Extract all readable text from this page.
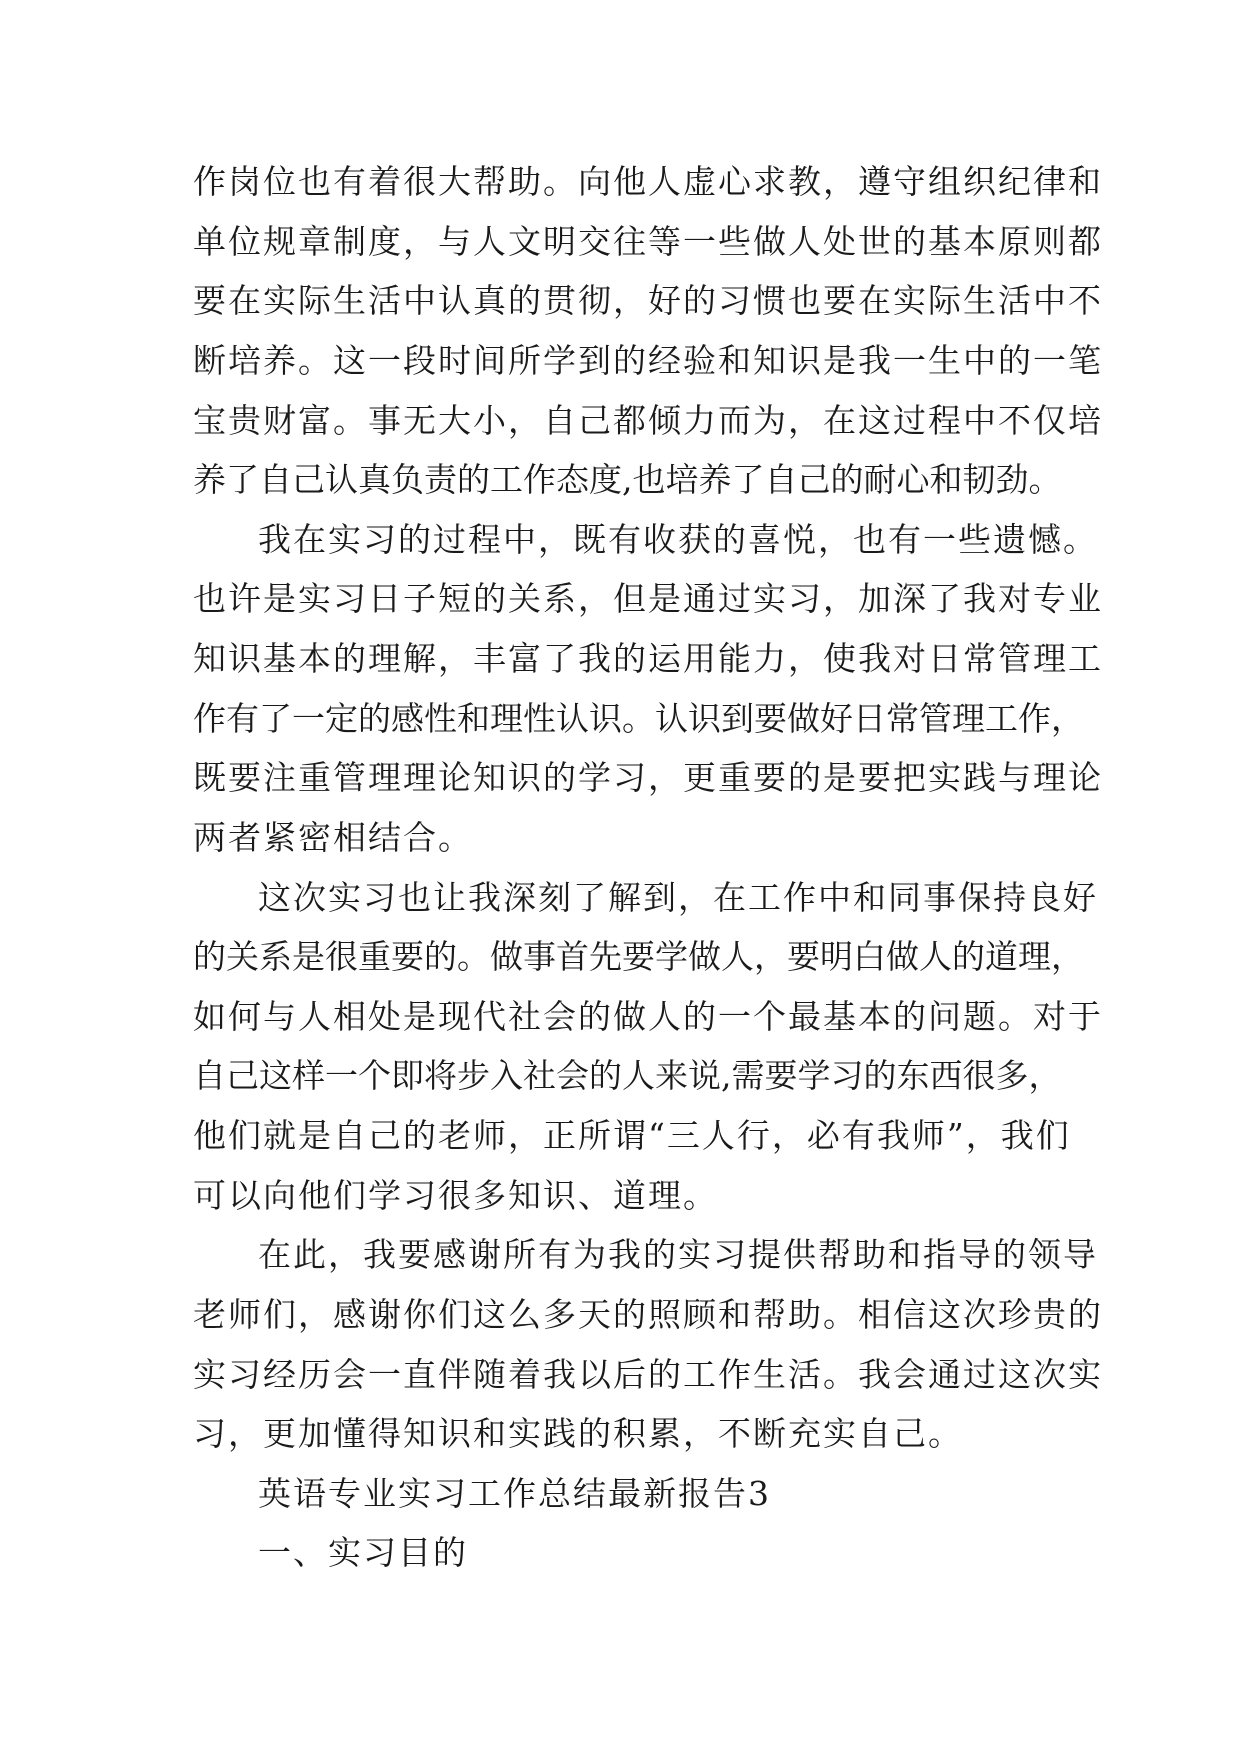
作岗位也有着很大帮助。向他人虚心求教，遵守组织纪律和
单位规章制度，与人文明交往等一些做人处世的基本原则都
要在实际生活中认真的贯彻，好的习惯也要在实际生活中不
断培养。这一段时间所学到的经验和知识是我一生中的一笔
宝贵财富。事无大小，自己都倾力而为，在这过程中不仅培
养了自己认真负责的工作态度,也培养了自己的耐心和韧劲。
我在实习的过程中，既有收获的喜悦，也有一些遗憾。
也许是实习日子短的关系，但是通过实习，加深了我对专业
知识基本的理解，丰富了我的运用能力，使我对日常管理工
作有了一定的感性和理性认识。认识到要做好日常管理工作，
既要注重管理理论知识的学习，更重要的是要把实践与理论
两者紧密相结合。
这次实习也让我深刻了解到，在工作中和同事保持良好
的关系是很重要的。做事首先要学做人，要明白做人的道理，
如何与人相处是现代社会的做人的一个最基本的问题。对于
自己这样一个即将步入社会的人来说,需要学习的东西很多，
他们就是自己的老师，正所谓“三人行，必有我师”，我们
可以向他们学习很多知识、道理。
在此，我要感谢所有为我的实习提供帮助和指导的领导
老师们，感谢你们这么多天的照顾和帮助。相信这次珍贵的
实习经历会一直伴随着我以后的工作生活。我会通过这次实
习，更加懂得知识和实践的积累，不断充实自己。
英语专业实习工作总结最新报告3
一、实习目的
